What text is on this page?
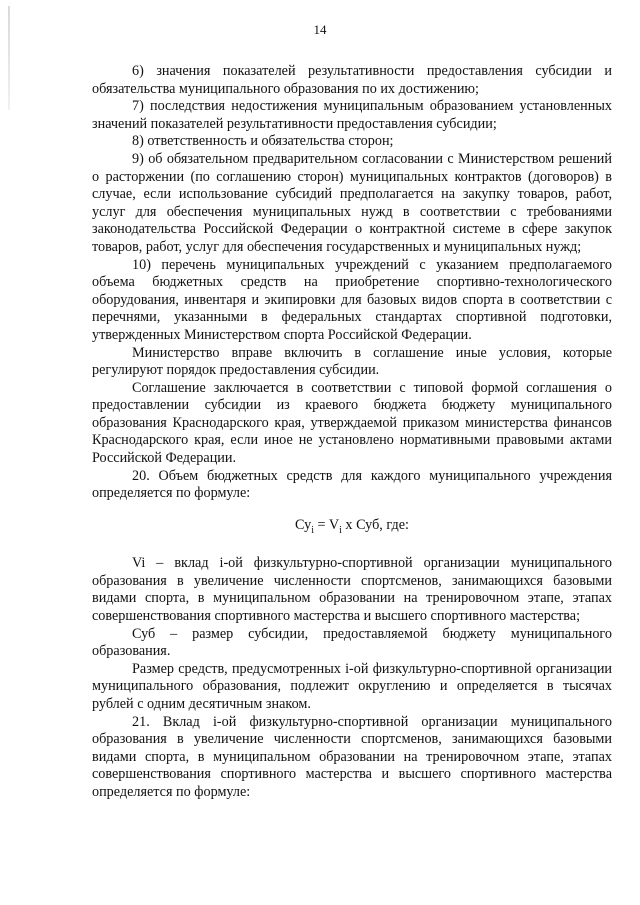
14

6) значения показателей результативности предоставления субсидии и обязательства муниципального образования по их достижению;

7) последствия недостижения муниципальным образованием установленных значений показателей результативности предоставления субсидии;

8) ответственность и обязательства сторон;

9) об обязательном предварительном согласовании с Министерством решений о расторжении (по соглашению сторон) муниципальных контрактов (договоров) в случае, если использование субсидий предполагается на закупку товаров, работ, услуг для обеспечения муниципальных нужд в соответствии с требованиями законодательства Российской Федерации о контрактной системе в сфере закупок товаров, работ, услуг для обеспечения государственных и муниципальных нужд;

10) перечень муниципальных учреждений с указанием предполагаемого объема бюджетных средств на приобретение спортивно-технологического оборудования, инвентаря и экипировки для базовых видов спорта в соответствии с перечнями, указанными в федеральных стандартах спортивной подготовки, утвержденных Министерством спорта Российской Федерации.

Министерство вправе включить в соглашение иные условия, которые регулируют порядок предоставления субсидии.

Соглашение заключается в соответствии с типовой формой соглашения о предоставлении субсидии из краевого бюджета бюджету муниципального образования Краснодарского края, утверждаемой приказом министерства финансов Краснодарского края, если иное не установлено нормативными правовыми актами Российской Федерации.

20. Объем бюджетных средств для каждого муниципального учреждения определяется по формуле:

$Су_i = V_i$ х Суб, где:

Vi – вклад i-ой физкультурно-спортивной организации муниципального образования в увеличение численности спортсменов, занимающихся базовыми видами спорта, в муниципальном образовании на тренировочном этапе, этапах совершенствования спортивного мастерства и высшего спортивного мастерства;

Суб – размер субсидии, предоставляемой бюджету муниципального образования.

Размер средств, предусмотренных i-ой физкультурно-спортивной организации муниципального образования, подлежит округлению и определяется в тысячах рублей с одним десятичным знаком.

21. Вклад i-ой физкультурно-спортивной организации муниципального образования в увеличение численности спортсменов, занимающихся базовыми видами спорта, в муниципальном образовании на тренировочном этапе, этапах совершенствования спортивного мастерства и высшего спортивного мастерства определяется по формуле:
